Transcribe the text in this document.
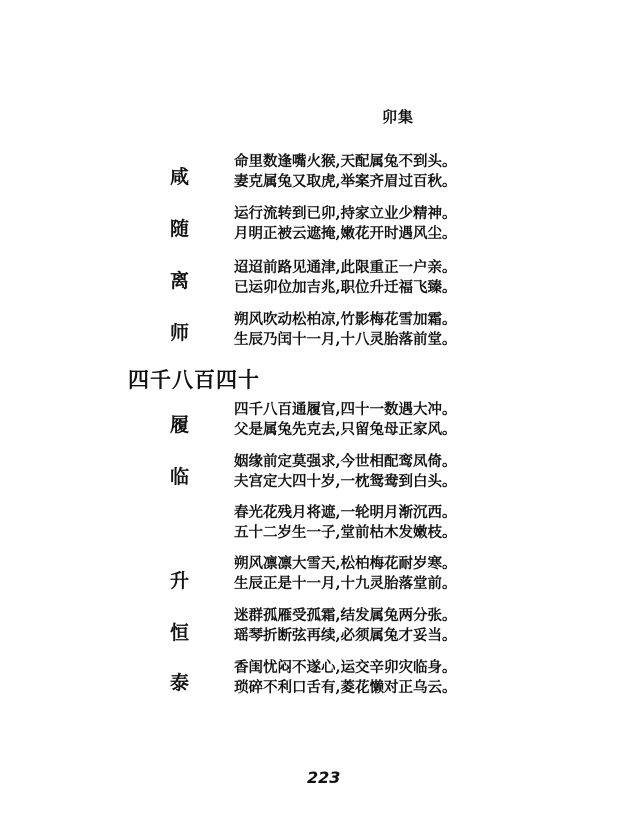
卯集
咸
随
离
师
命里数逢嘴火猴,天配属兔不到头。
妻克属兔又取虎,举案齐眉过百秋。
运行流转到已卯,持家立业少精神。
月明正被云遮掩,嫩花开时遇风尘。
迢迢前路见通津,此限重正一户亲。
已运卯位加吉兆,职位升迁福飞臻。
朔风吹动松柏凉,竹影梅花雪加霜。
生辰乃闰十一月,十八灵胎落前堂。
四千八百四十
履
临
升
恒
泰
四千八百通履官,四十一数遇大冲。
父是属兔先克去,只留兔母正家风。
姻缘前定莫强求,今世相配鸾凤倚。
夫宫定大四十岁,一枕鸳鸯到白头。
春光花残月将遮,一轮明月渐沉西。
五十二岁生一子,堂前枯木发嫩枝。
朔风凛凛大雪天,松柏梅花耐岁寒。
生辰正是十一月,十九灵胎落堂前。
迷群孤雁受孤霜,结发属兔两分张。
瑶琴折断弦再续,必须属兔才妥当。
香闺忧闷不遂心,运交辛卯灾临身。
琐碎不利口舌有,菱花懒对正乌云。
223
